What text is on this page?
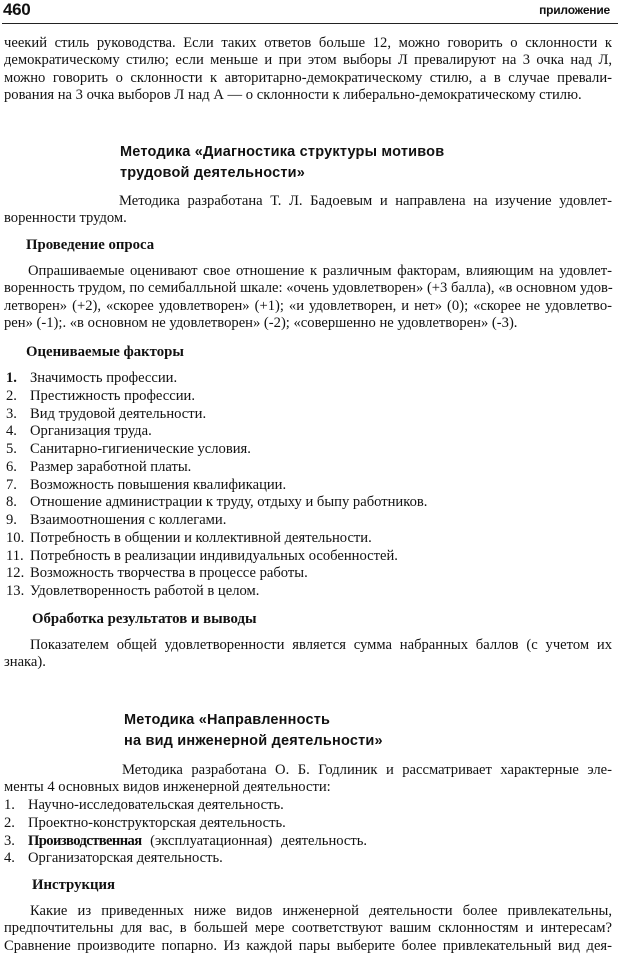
460	приложение
чеекий стиль руководства. Если таких ответов больше 12, можно говорить о склонности к
демократическому стилю; если меньше и при этом выборы Л превалируют на 3 очка над Л,
можно говорить о склонности к авторитарно-демократическому стилю, а в случае превали-
рования на 3 очка выборов Л над А — о склонности к либерально-демократическому стилю.
Методика «Диагностика структуры мотивов
трудовой деятельности»
Методика разработана Т. Л. Бадоевым и направлена на изучение удовлет-
воренности трудом.
Проведение опроса
Опрашиваемые оценивают свое отношение к различным факторам, влияющим на удовлет-
воренность трудом, по семибалльной шкале: «очень удовлетворен» (+3 балла), «в основном удов-
летворен» (+2), «скорее удовлетворен» (+1); «и удовлетворен, и нет» (0); «скорее не удовлетво-
рен» (-1);. «в основном не удовлетворен» (-2); «совершенно не удовлетворен» (-3).
Оцениваемые факторы
1. Значимость профессии.
2. Престижность профессии.
3. Вид трудовой деятельности.
4. Организация труда.
5. Санитарно-гигиенические условия.
6. Размер заработной платы.
7. Возможность повышения квалификации.
8. Отношение администрации к труду, отдыху и быпу работников.
9. Взаимоотношения с коллегами.
10. Потребность в общении и коллективной деятельности.
11. Потребность в реализации индивидуальных особенностей.
12. Возможность творчества в процессе работы.
13. Удовлетворенность работой в целом.
Обработка результатов и выводы
Показателем общей удовлетворенности является сумма набранных баллов (с учетом их
знака).
Методика «Направленность
на вид инженерной деятельности»
Методика разработана О. Б. Годлиник и рассматривает характерные эле-
менты 4 основных видов инженерной деятельности:
1. Научно-исследовательская деятельность.
2. Проектно-конструкторская деятельность.
3. Производственная (эксплуатационная) деятельность.
4. Организаторская деятельность.
Инструкция
Какие из приведенных ниже видов инженерной деятельности более привлекательны,
предпочтительны для вас, в большей мере соответствуют вашим склонностям и интересам?
Сравнение производите попарно. Из каждой пары выберите более привлекательный вид дея-
